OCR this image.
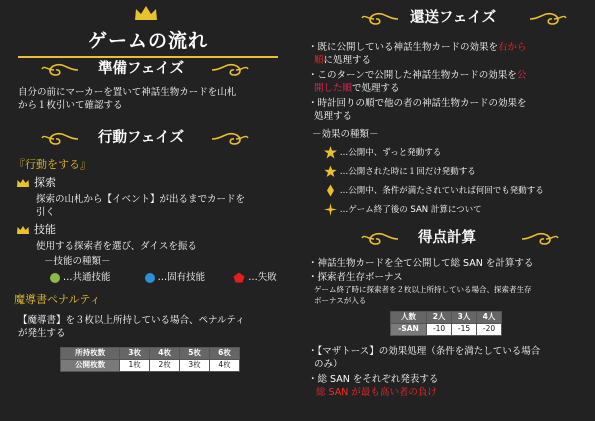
ゲームの流れ
準備フェイズ
自分の前にマーカーを置いて神話生物カードを山札
から１枚引いて確認する
行動フェイズ
『行動をする』
探索
探索の山札から【イベント】が出るまでカードを
引く
技能
使用する探索者を選び、ダイスを振る
－技能の種類－
…共通技能	…固有技能	…失敗
魔導書ペナルティ
【魔導書】を３枚以上所持している場合、ペナルティ
が発生する
所持枚数	3枚	4枚	5枚	6枚
公開枚数	1枚	2枚	3枚	4枚
還送フェイズ
・既に公開している神話生物カードの効果を右から
順に処理する
・このターンで公開した神話生物カードの効果を公
開した順で処理する
・時計回りの順で他の者の神話生物カードの効果を
処理する
－効果の種類－
…公開中、ずっと発動する
…公開された時に１回だけ発動する
…公開中、条件が満たされていれば何回でも発動する
…ゲーム終了後の SAN 計算について
得点計算
・神話生物カードを全て公開して総 SAN を計算する
・探索者生存ボーナス
ゲーム終了時に探索者を２枚以上所持している場合、探索者生存
ボーナスが入る
人数	2人	3人	4人
-SAN	-10	-15	-20
・【マザトース】の効果処理（条件を満たしている場合
のみ）
・総 SAN をそれぞれ発表する
総 SAN が最も高い者の負け
